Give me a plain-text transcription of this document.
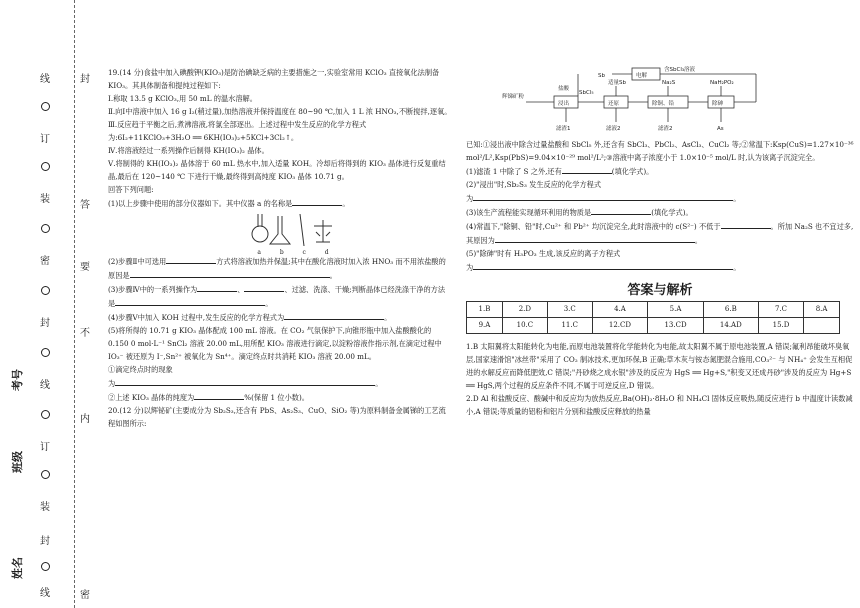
线
订
装
密
封
线
订
装
封
线
封
答
要
不
内
密
姓名
班级
考号

19.(14 分)食盐中加入碘酸钾(KIO₃)是防治碘缺乏病的主要措施之一,实验室常用 KClO₃ 直接氧化法制备 KIO₃。其具体制备和提纯过程如下:

Ⅰ.称取 13.5 g KClO₃,用 50 mL 的温水溶解。

Ⅱ.向Ⅰ中溶液中加入 16 g I₂(稍过量),加热溶液并保持温度在 80~90 ℃,加入 1 L 浓 HNO₃,不断搅拌,逐氧。

Ⅲ.反应趋于平衡之后,煮沸溶液,将氯全部逐出。上述过程中发生反应的化学方程式

为:6I₂+11KClO₃+3H₂O ══ 6KH(IO₃)₂+5KCl+3Cl₂↑。

Ⅳ.将溶液经过一系列操作后制得 KH(IO₃)₂ 晶体。

Ⅴ.将制得的 KH(IO₃)₂ 晶体溶于 60 mL 热水中,加入适量 KOH。冷却后将得到的 KIO₃ 晶体进行反复重结晶,最后在 120~140 ℃ 下进行干燥,最终得到高纯度 KIO₃ 晶体 10.71 g。

回答下列问题:

(1)以上步骤中使用的部分仪器如下。其中仪器 a 的名称是	。

a	b	c	d

(2)步骤Ⅱ中可选用	方式将溶液加热并保温;其中在酸化溶液时加入浓 HNO₃ 而不用浓盐酸的原因是	。

(3)步骤Ⅳ中的一系列操作为	、	、过滤、洗涤、干燥;判断晶体已经洗涤干净的方法是	。

(4)步骤Ⅴ中加入 KOH 过程中,发生反应的化学方程式为	。

(5)将所得的 10.71 g KIO₃ 晶体配成 100 mL 溶液。在 CO₂ 气氛保护下,向锥形瓶中加入盐酸酸化的 0.150 0 mol·L⁻¹ SnCl₂ 溶液 20.00 mL,用所配 KIO₃ 溶液进行滴定,以淀粉溶液作指示剂,在滴定过程中 IO₃⁻ 被还原为 I⁻,Sn²⁺ 被氧化为 Sn⁴⁺。滴定终点时共消耗 KIO₃ 溶液 20.00 mL。

①滴定终点时的现象

为	。

②上述 KIO₃ 晶体的纯度为	%(保留 1 位小数)。

20.(12 分)以辉铋矿(主要成分为 Sb₂S₃,还含有 PbS、As₂S₃、CuO、SiO₂ 等)为原料制备金属锑的工艺流程如图所示:

Sb	电解
含SbCl₃溶液
盐酸
SbCl₅
适量Sb	Na₂S	NaH₂PO₂
辉锑矿粉
浸出	还原	除铜、铅	除砷
滤渣1	滤液2	滤渣2	As

已知:①浸出液中除含过量盐酸和 SbCl₅ 外,还含有 SbCl₃、PbCl₂、AsCl₃、CuCl₂ 等;②常温下:Ksp(CuS)=1.27×10⁻³⁶ mol²/L²,Ksp(PbS)=9.04×10⁻²⁹ mol²/L²;③溶液中离子浓度小于 1.0×10⁻⁵ mol/L 时,认为该离子沉淀完全。

(1)滤渣 1 中除了 S 之外,还有	(填化学式)。

(2)"浸出"时,Sb₂S₃ 发生反应的化学方程式

为	。

(3)该生产流程能实现循环利用的物质是	(填化学式)。

(4)常温下,"除铜、铅"时,Cu²⁺ 和 Pb²⁺ 均沉淀完全,此时溶液中的 c(S²⁻) 不低于	。所加 Na₂S 也不宜过多,其原因为	。

(5)"除砷"时有 H₃PO₃ 生成,该反应的离子方程式

为	。

答案与解析
1.B	2.D	3.C	4.A	5.A	6.B	7.C	8.A
9.A	10.C	11.C	12.CD	13.CD	14.AD	15.D	

1.B 太阳翼将太阳能转化为电能,而原电池装置将化学能转化为电能,故太阳翼不属于原电池装置,A 错误;氟利昂能破坏臭氧层,国家速滑馆"冰丝带"采用了 CO₂ 制冰技术,更加环保,B 正确;草木灰与铵态氮肥混合施用,CO₃²⁻ 与 NH₄⁺ 会发生互相促进的水解反应而降低肥效,C 错误;"丹砂烧之成水银"涉及的反应为 HgS ══ Hg+S,"积变又还成丹砂"涉及的反应为 Hg+S ══ HgS,两个过程的反应条件不同,不属于可逆反应,D 错误。

2.D Al 和盐酸反应、酸碱中和反应均为放热反应,Ba(OH)₂·8H₂O 和 NH₄Cl 固体反应吸热,随反应进行 b 中温度计读数减小,A 错误;等质量的铝粉和铝片分别和盐酸反应释放的热量
